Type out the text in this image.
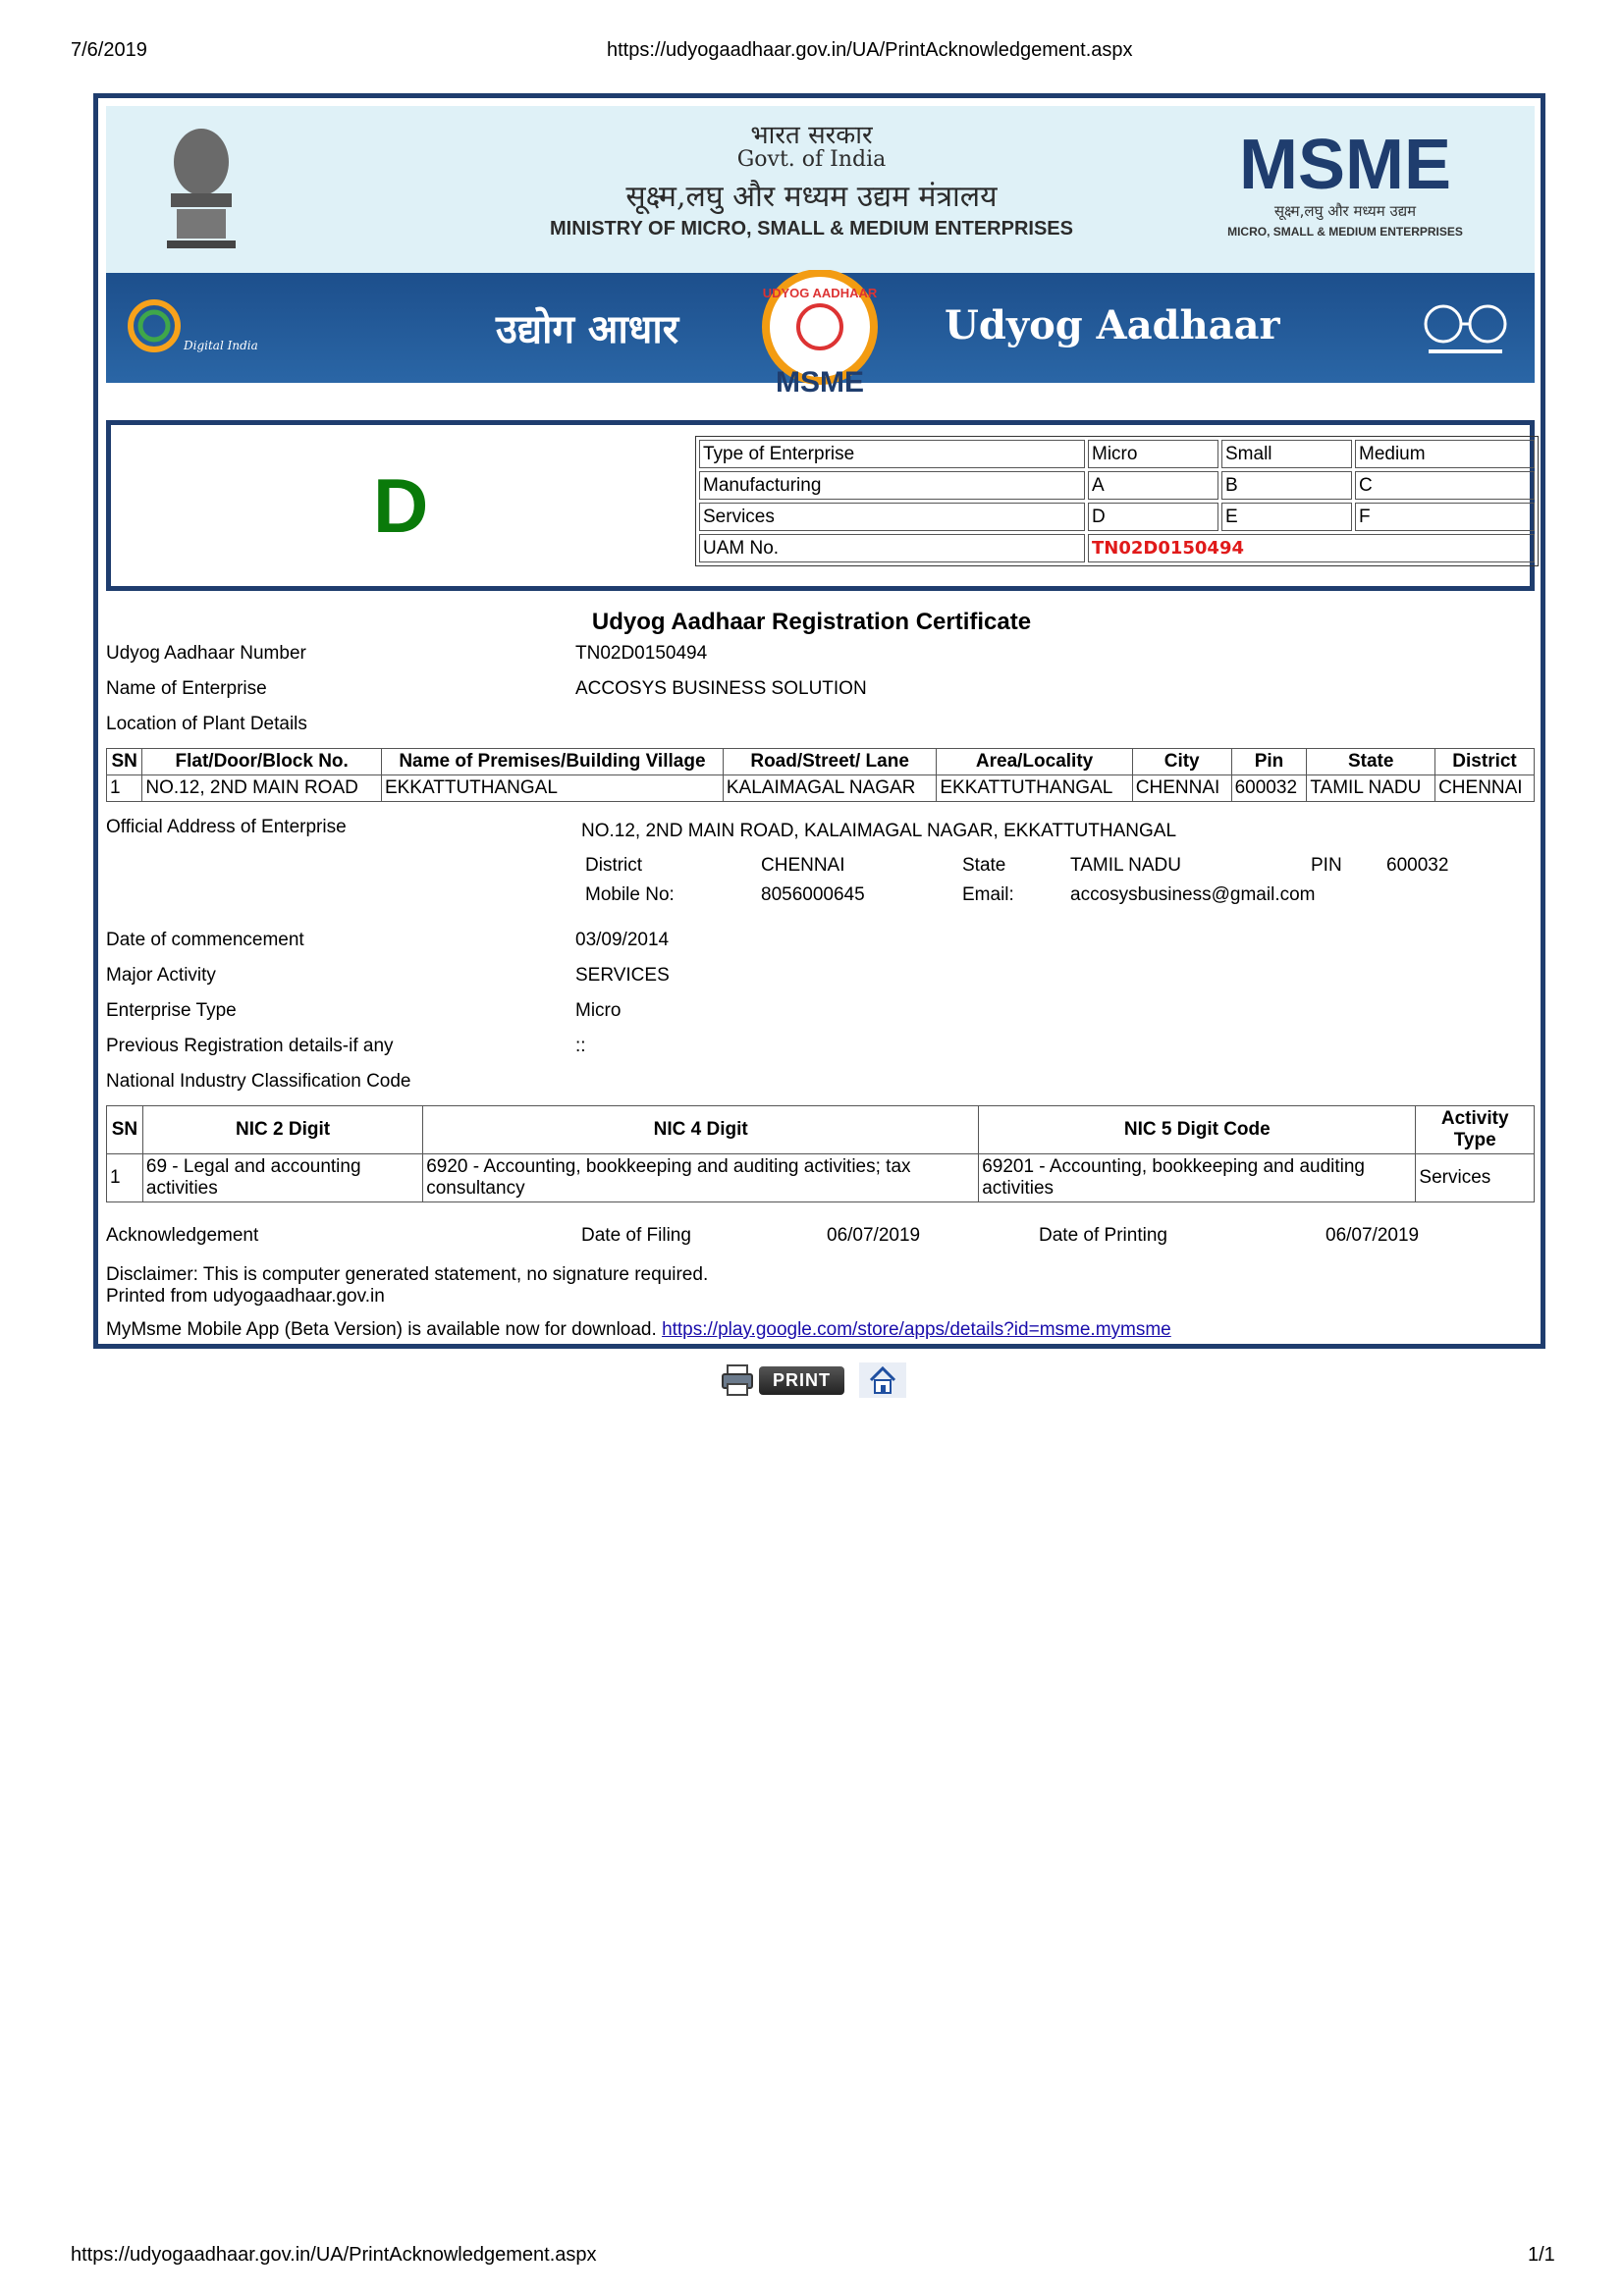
7/6/2019	https://udyogaadhaar.gov.in/UA/PrintAcknowledgement.aspx
https://udyogaadhaar.gov.in/UA/PrintAcknowledgement.aspx	1/1
भारत सरकार
Govt. of India
सूक्ष्म,लघु और मध्यम उद्यम मंत्रालय
MINISTRY OF MICRO, SMALL & MEDIUM ENTERPRISES
MSME
सूक्ष्म,लघु और मध्यम उद्यम
MICRO, SMALL & MEDIUM ENTERPRISES
Digital India	उद्योग आधार
UDYOG AADHAAR
MSME
Udyog Aadhaar
D
Type of Enterprise	Micro	Small	Medium
Manufacturing	A	B	C
Services	D	E	F
UAM No.	TN02D0150494		
Udyog Aadhaar Registration Certificate
Udyog Aadhaar Number	TN02D0150494
Name of Enterprise	ACCOSYS BUSINESS SOLUTION
Location of Plant Details
SN	Flat/Door/Block No.	Name of Premises/Building Village	Road/Street/ Lane	Area/Locality	City	Pin	State	District
1	NO.12, 2ND MAIN ROAD	EKKATTUTHANGAL	KALAIMAGAL NAGAR	EKKATTUTHANGAL	CHENNAI	600032	TAMIL NADU	CHENNAI
Official Address of Enterprise	NO.12, 2ND MAIN ROAD, KALAIMAGAL NAGAR, EKKATTUTHANGAL
District	CHENNAI	State	TAMIL NADU	PIN 600032
Mobile No:	8056000645	Email:	accosysbusiness@gmail.com
Date of commencement	03/09/2014
Major Activity	SERVICES
Enterprise Type	Micro
Previous Registration details-if any	::
National Industry Classification Code
SN	NIC 2 Digit	NIC 4 Digit	NIC 5 Digit Code	Activity Type
1	69 - Legal and accounting activities	6920 - Accounting, bookkeeping and auditing activities; tax consultancy	69201 - Accounting, bookkeeping and auditing activities	Services
Acknowledgement	Date of Filing	06/07/2019	Date of Printing	06/07/2019
Disclaimer: This is computer generated statement, no signature required.
Printed from udyogaadhaar.gov.in
MyMsme Mobile App (Beta Version) is available now for download. https://play.google.com/store/apps/details?id=msme.mymsme
PRINT
